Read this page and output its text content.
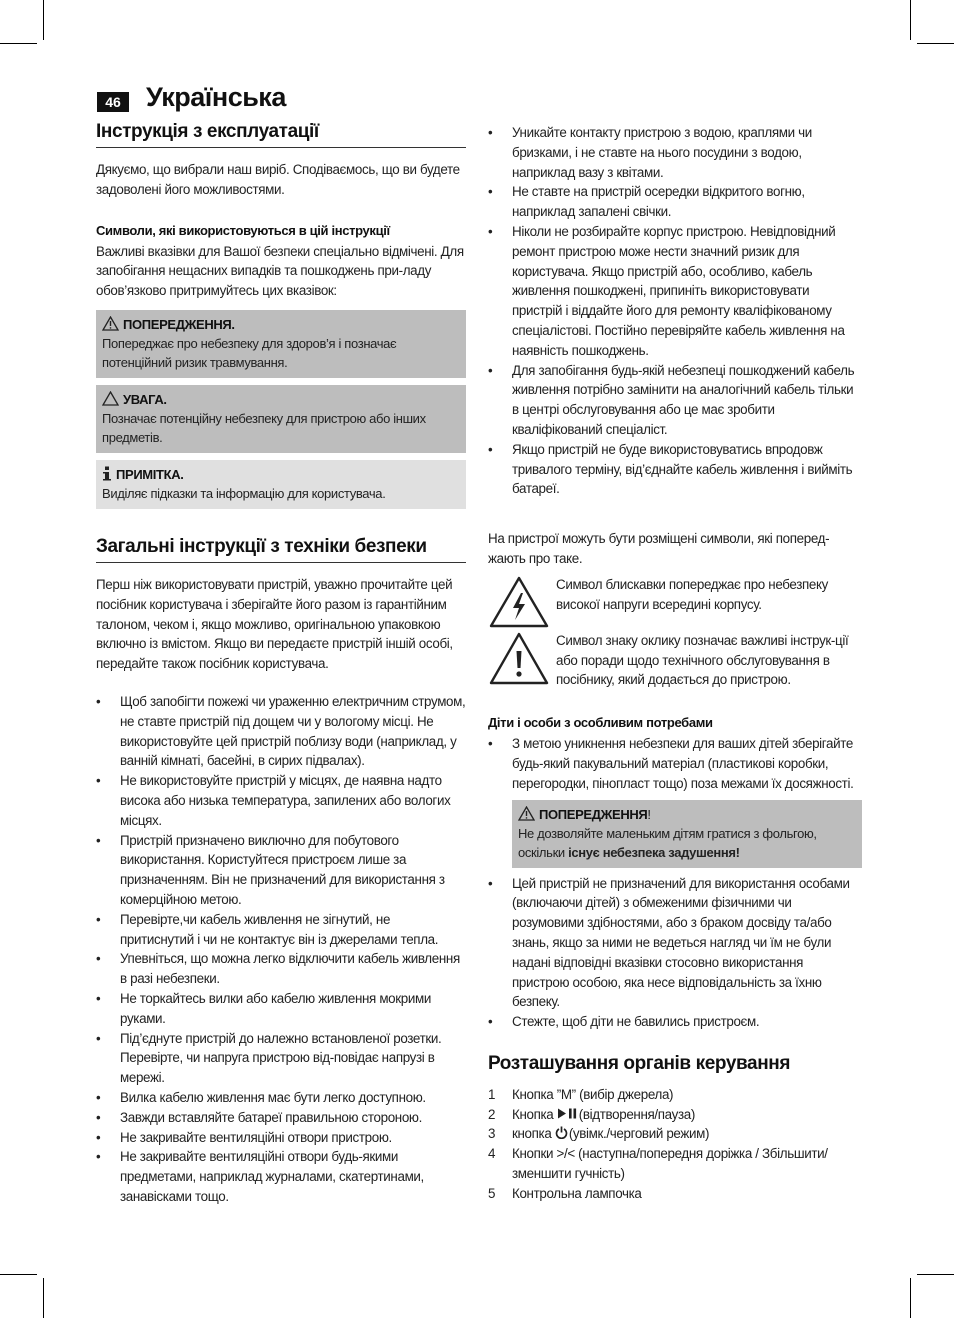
46 Українська
Інструкція з експлуатації

Дякуємо, що вибрали наш виріб. Сподіваємось, що ви будете задоволені його можливостями.

Символи, які використовуються в цій інструкції

Важливі вказівки для Вашої безпеки спеціально відмічені. Для запобігання нещасних випадків та пошкоджень при-ладу обов’язково притримуйтесь цих вказівок:

ПОПЕРЕДЖЕННЯ.
Попереджає про небезпеку для здоров’я і позначає потенційний ризик травмування.
УВАГА.
Позначає потенційну небезпеку для пристрою або інших предметів.
ПРИМІТКА.
Виділяє підказки та інформацію для користувача.
Загальні інструкції з техніки безпеки

Перш ніж використовувати пристрій, уважно прочитайте цей посібник користувача і зберігайте його разом із гарантійним талоном, чеком і, якщо можливо, оригінальною упаковкою включно із вмістом. Якщо ви передаєте пристрій іншій особі, передайте також посібник користувача.

• Щоб запобігти пожежі чи ураженню електричним струмом, не ставте пристрій під дощем чи у вологому місці. Не використовуйте цей пристрій поблизу води (наприклад, у ванній кімнаті, басейні, в сирих підвалах).
• Не використовуйте пристрій у місцях, де наявна надто висока або низька температура, запилених або вологих місцях.
• Пристрій призначено виключно для побутового використання. Користуйтеся пристроєм лише за призначенням. Він не призначений для використання з комерційною метою.
• Перевірте,чи кабель живлення не зігнутий, не притиснутий і чи не контактує він із джерелами тепла.
• Упевніться, що можна легко відключити кабель живлення в разі небезпеки.
• Не торкайтесь вилки або кабелю живлення мокрими руками.
• Під’єднуте пристрій до належно встановленої розетки. Перевірте, чи напруга пристрою від-повідає напрузі в мережі.
• Вилка кабелю живлення має бути легко доступною.
• Завжди вставляйте батареї правильною стороною.
• Не закривайте вентиляційні отвори пристрою.
• Не закривайте вентиляційні отвори будь-якими предметами, наприклад журналами, скатертинами, занавісками тощо.
• Уникайте контакту пристрою з водою, краплями чи бризками, і не ставте на нього посудини з водою, наприклад вазу з квітами.
• Не ставте на пристрій осередки відкритого вогню, наприклад запалені свічки.
• Ніколи не розбирайте корпус пристрою. Невідповідний ремонт пристрою може нести значний ризик для користувача. Якщо пристрій або, особливо, кабель живлення пошкоджені, припиніть використовувати пристрій і віддайте його для ремонту кваліфікованому спеціалістові. Постійно перевіряйте кабель живлення на наявність пошкоджень.
• Для запобігання будь-якій небезпеці пошкоджений кабель живлення потрібно замінити на аналогічний кабель тільки в центрі обслуговування або це має зробити кваліфікований спеціаліст.
• Якщо пристрій не буде використовуватись впродовж тривалого терміну, від’єднайте кабель живлення і вийміть батареї.

На пристрої можуть бути розміщені символи, які поперед-жають про таке.

Символ блискавки попереджає про небезпеку високої напруги всередині корпусу.
Символ знаку оклику позначає важливі інструк-ції або поради щодо технічного обслуговування в посібнику, який додається до пристрою.
Діти і особи з особливим потребами
• З метою уникнення небезпеки для ваших дітей зберігайте будь-який пакувальний матеріал (пластикові коробки, перегородки, пінопласт тощо) поза межами їх досяжності.
ПОПЕРЕДЖЕННЯ!
Не дозволяйте маленьким дітям гратися з фольгою, оскільки існує небезпека задушення!
• Цей пристрій не призначений для використання особами (включаючи дітей) з обмеженими фізичними чи розумовими здібностями, або з браком досвіду та/або знань, якщо за ними не ведеться нагляд чи їм не були надані відповідні вказівки стосовно використання пристрою особою, яка несе відповідальність за їхню безпеку.
• Стежте, щоб діти не бавились пристроєм.
Розташування органів керування
1 Кнопка ”M” (вибір джерела)
2 Кнопка (відтворення/пауза)
3 кнопка (увімк./черговий режим)
4 Кнопки >/< (наступна/попередня доріжка / Збільшити/зменшити гучність)
5 Контрольна лампочка
